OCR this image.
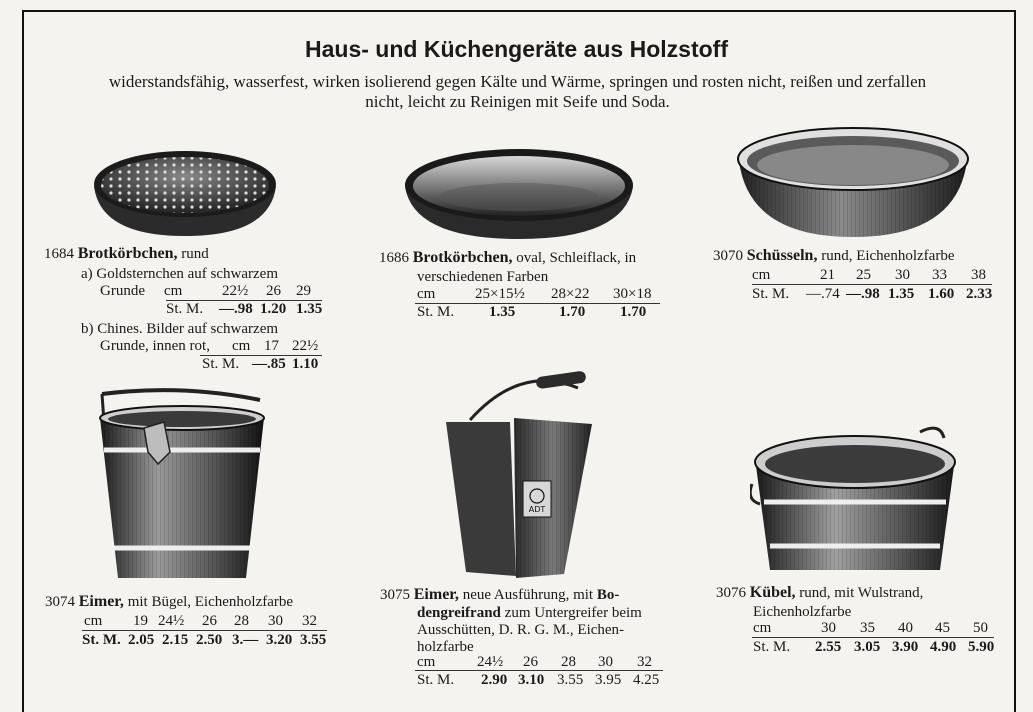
Haus- und Küchengeräte aus Holzstoff
widerstandsfähig, wasserfest, wirken isolierend gegen Kälte und Wärme, springen und rosten nicht, reißen und zerfallen
nicht, leicht zu Reinigen mit Seife und Soda.
ADT
1684 Brotkörbchen, rund
a) Goldsternchen auf schwarzem
Grunde cm	22½ 26 29
St. M. —.98 1.20 1.35
b) Chines. Bilder auf schwarzem
Grunde, innen rot, cm 17 22½
St. M. —.85 1.10
1686 Brotkörbchen, oval, Schleiflack, in
verschiedenen Farben
cm	25×15½ 28×22 30×18
St. M. 1.35	1.70 1.70
3070 Schüsseln, rund, Eichenholzfarbe
cm	21 25 30 33 38
St. M. —.74 —.98 1.35 1.60 2.33
3074 Eimer, mit Bügel, Eichenholzfarbe
cm 19 24½ 26 28 30 32
St. M. 2.05 2.15 2.50 3.— 3.20 3.55
3075 Eimer, neue Ausführung, mit Bo-
dengreifrand zum Untergreifer beim
Ausschütten, D. R. G. M., Eichen-
holzfarbe
cm	24½ 26 28 30 32
St. M. 2.90 3.10 3.55 3.95 4.25
3076 Kübel, rund, mit Wulstrand,
Eichenholzfarbe
cm	30 35 40 45 50
St. M. 2.55 3.05 3.90 4.90 5.90
